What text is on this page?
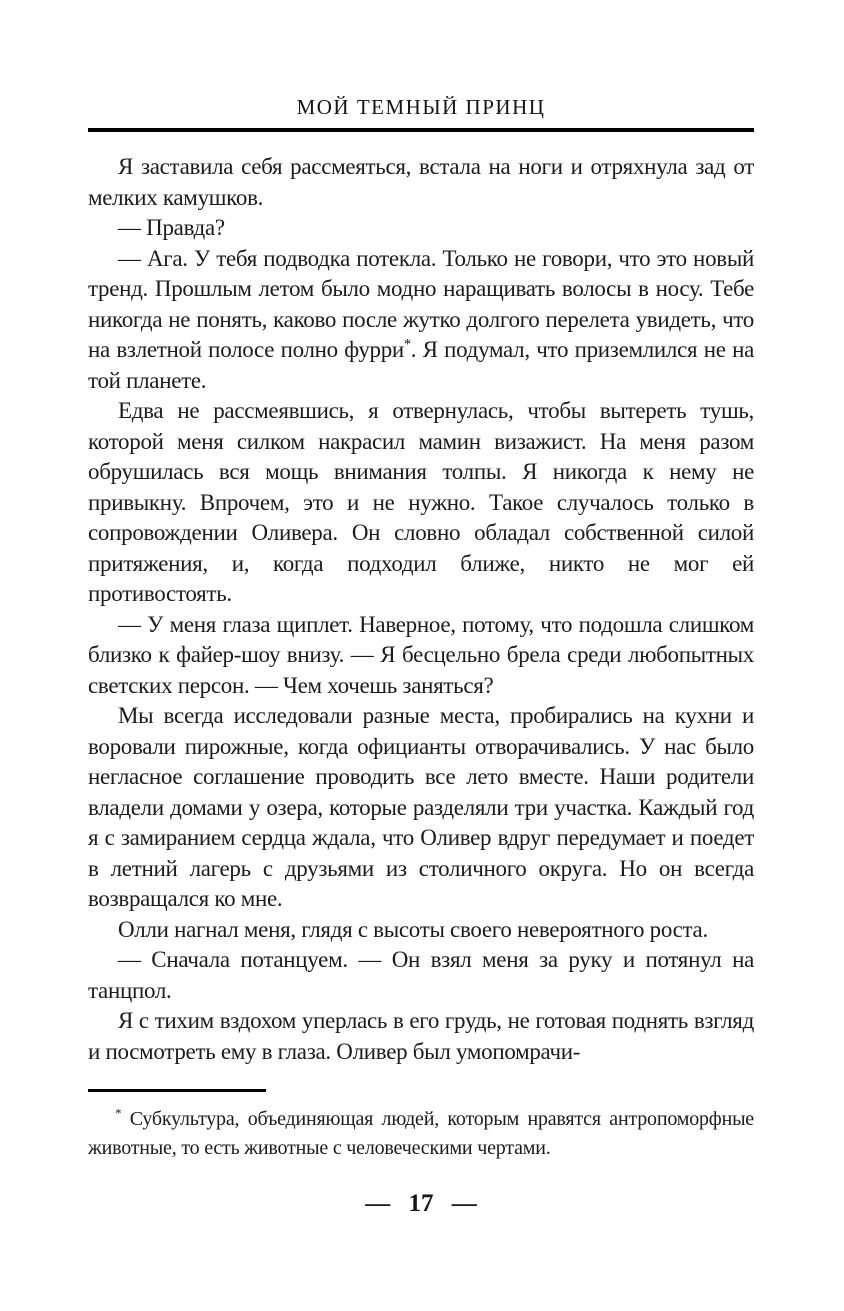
МОЙ ТЕМНЫЙ ПРИНЦ

Я заставила себя рассмеяться, встала на ноги и отряхнула зад от мелких камушков.

— Правда?

— Ага. У тебя подводка потекла. Только не говори, что это новый тренд. Прошлым летом было модно наращивать волосы в носу. Тебе никогда не понять, каково после жутко долгого перелета увидеть, что на взлетной полосе полно фурри*. Я подумал, что приземлился не на той планете.

Едва не рассмеявшись, я отвернулась, чтобы вытереть тушь, которой меня силком накрасил мамин визажист. На меня разом обрушилась вся мощь внимания толпы. Я никогда к нему не привыкну. Впрочем, это и не нужно. Такое случалось только в сопровождении Оливера. Он словно обладал собственной силой притяжения, и, когда подходил ближе, никто не мог ей противостоять.

— У меня глаза щиплет. Наверное, потому, что подошла слишком близко к файер-шоу внизу. — Я бесцельно брела среди любопытных светских персон. — Чем хочешь заняться?

Мы всегда исследовали разные места, пробирались на кухни и воровали пирожные, когда официанты отворачивались. У нас было негласное соглашение проводить все лето вместе. Наши родители владели домами у озера, которые разделяли три участка. Каждый год я с замиранием сердца ждала, что Оливер вдруг передумает и поедет в летний лагерь с друзьями из столичного округа. Но он всегда возвращался ко мне.

Олли нагнал меня, глядя с высоты своего невероятного роста.

— Сначала потанцуем. — Он взял меня за руку и потянул на танцпол.

Я с тихим вздохом уперлась в его грудь, не готовая поднять взгляд и посмотреть ему в глаза. Оливер был умопомрачи-

* Субкультура, объединяющая людей, которым нравятся антропоморфные животные, то есть животные с человеческими чертами.

— 17 —
